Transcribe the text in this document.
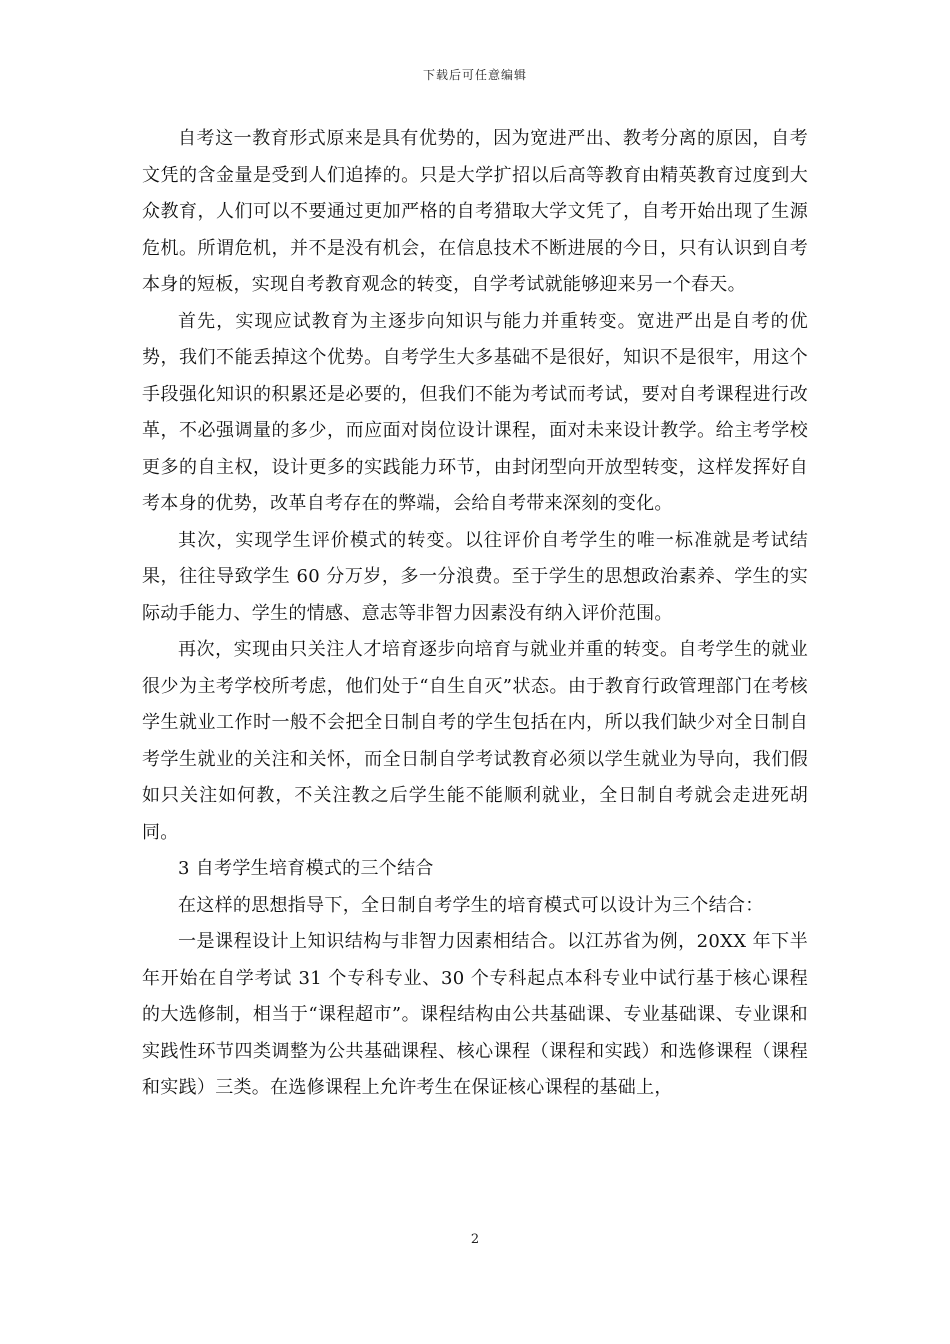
下载后可任意编辑

自考这一教育形式原来是具有优势的，因为宽进严出、教考分离的原因，自考文凭的含金量是受到人们追捧的。只是大学扩招以后高等教育由精英教育过度到大众教育，人们可以不要通过更加严格的自考猎取大学文凭了，自考开始出现了生源危机。所谓危机，并不是没有机会，在信息技术不断进展的今日，只有认识到自考本身的短板，实现自考教育观念的转变，自学考试就能够迎来另一个春天。

首先，实现应试教育为主逐步向知识与能力并重转变。宽进严出是自考的优势，我们不能丢掉这个优势。自考学生大多基础不是很好，知识不是很牢，用这个手段强化知识的积累还是必要的，但我们不能为考试而考试，要对自考课程进行改革，不必强调量的多少，而应面对岗位设计课程，面对未来设计教学。给主考学校更多的自主权，设计更多的实践能力环节，由封闭型向开放型转变，这样发挥好自考本身的优势，改革自考存在的弊端，会给自考带来深刻的变化。

其次，实现学生评价模式的转变。以往评价自考学生的唯一标准就是考试结果，往往导致学生 60 分万岁，多一分浪费。至于学生的思想政治素养、学生的实际动手能力、学生的情感、意志等非智力因素没有纳入评价范围。

再次，实现由只关注人才培育逐步向培育与就业并重的转变。自考学生的就业很少为主考学校所考虑，他们处于“自生自灭”状态。由于教育行政管理部门在考核学生就业工作时一般不会把全日制自考的学生包括在内，所以我们缺少对全日制自考学生就业的关注和关怀，而全日制自学考试教育必须以学生就业为导向，我们假如只关注如何教，不关注教之后学生能不能顺利就业，全日制自考就会走进死胡同。

3 自考学生培育模式的三个结合

在这样的思想指导下，全日制自考学生的培育模式可以设计为三个结合：

一是课程设计上知识结构与非智力因素相结合。以江苏省为例，20XX 年下半年开始在自学考试 31 个专科专业、30 个专科起点本科专业中试行基于核心课程的大选修制，相当于“课程超市”。课程结构由公共基础课、专业基础课、专业课和实践性环节四类调整为公共基础课程、核心课程（课程和实践）和选修课程（课程和实践）三类。在选修课程上允许考生在保证核心课程的基础上，

2
